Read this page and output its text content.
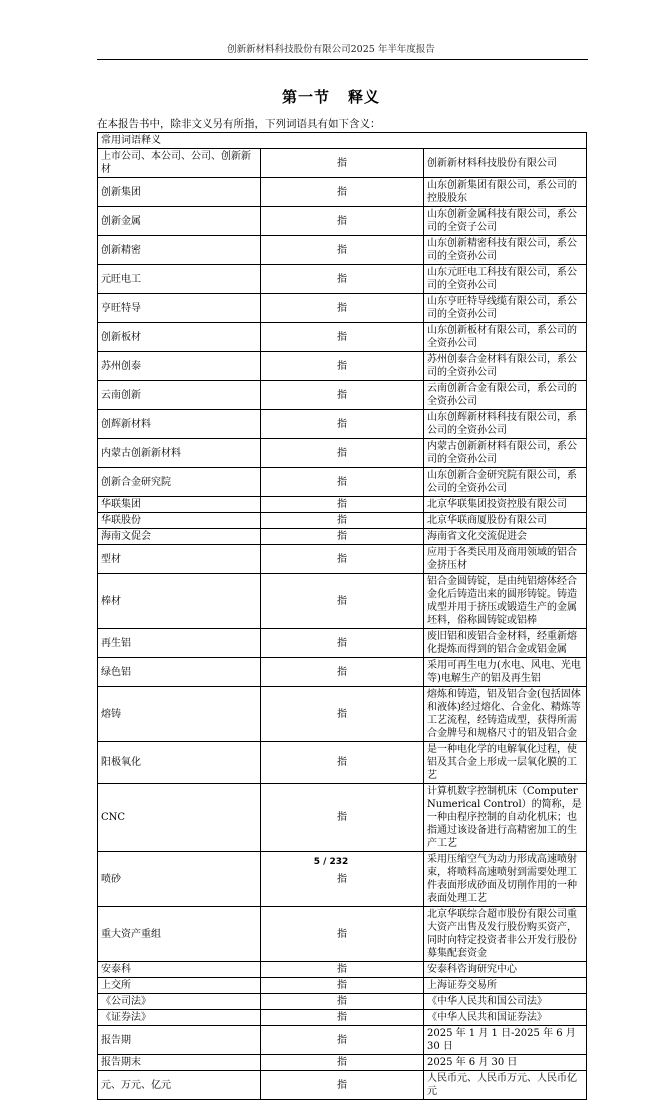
创新新材料科技股份有限公司2025 年半年度报告
第一节 释义
在本报告书中，除非文义另有所指，下列词语具有如下含义：
常用词语释义		
上市公司、本公司、公司、创新新材	指	创新新材料科技股份有限公司
创新集团	指	山东创新集团有限公司，系公司的控股股东
创新金属	指	山东创新金属科技有限公司，系公司的全资子公司
创新精密	指	山东创新精密科技有限公司，系公司的全资孙公司
元旺电工	指	山东元旺电工科技有限公司，系公司的全资孙公司
亨旺特导	指	山东亨旺特导线缆有限公司，系公司的全资孙公司
创新板材	指	山东创新板材有限公司，系公司的全资孙公司
苏州创泰	指	苏州创泰合金材料有限公司，系公司的全资孙公司
云南创新	指	云南创新合金有限公司，系公司的全资孙公司
创辉新材料	指	山东创辉新材料科技有限公司，系公司的全资孙公司
内蒙古创新新材料	指	内蒙古创新新材料有限公司，系公司的全资孙公司
创新合金研究院	指	山东创新合金研究院有限公司，系公司的全资孙公司
华联集团	指	北京华联集团投资控股有限公司
华联股份	指	北京华联商厦股份有限公司
海南文促会	指	海南省文化交流促进会
型材	指	应用于各类民用及商用领域的铝合金挤压材
棒材	指	铝合金圆铸锭，是由纯铝熔体经合金化后铸造出来的圆形铸锭。铸造成型并用于挤压或锻造生产的金属坯料，俗称圆铸锭或铝棒
再生铝	指	废旧铝和废铝合金材料，经重新熔化提炼而得到的铝合金或铝金属
绿色铝	指	采用可再生电力(水电、风电、光电等)电解生产的铝及再生铝
熔铸	指	熔炼和铸造，铝及铝合金(包括固体和液体)经过熔化、合金化、精炼等工艺流程，经铸造成型，获得所需合金牌号和规格尺寸的铝及铝合金
阳极氧化	指	是一种电化学的电解氧化过程，使铝及其合金上形成一层氧化膜的工艺
CNC	指	计算机数字控制机床（Computer Numerical Control）的简称，是一种由程序控制的自动化机床；也指通过该设备进行高精密加工的生产工艺
喷砂	指	采用压缩空气为动力形成高速喷射束，将喷料高速喷射到需要处理工件表面形成砂面及切削作用的一种表面处理工艺
重大资产重组	指	北京华联综合超市股份有限公司重大资产出售及发行股份购买资产，同时向特定投资者非公开发行股份募集配套资金
安泰科	指	安泰科咨询研究中心
上交所	指	上海证券交易所
《公司法》	指	《中华人民共和国公司法》
《证券法》	指	《中华人民共和国证券法》
报告期	指	2025 年 1 月 1 日-2025 年 6 月 30 日
报告期末	指	2025 年 6 月 30 日
元、万元、亿元	指	人民币元、人民币万元、人民币亿元
5 / 232
